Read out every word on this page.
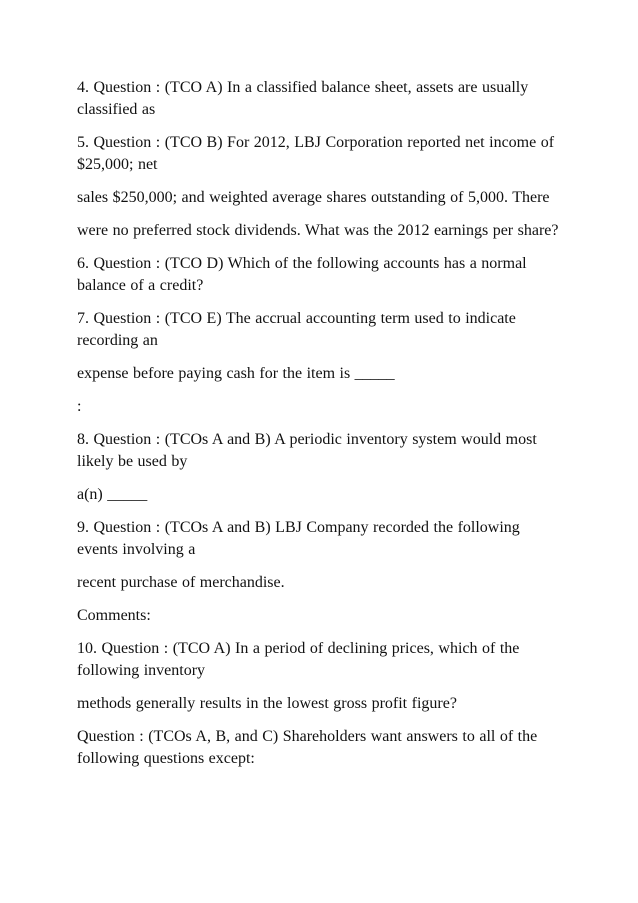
4. Question : (TCO A) In a classified balance sheet, assets are usually classified as

5. Question : (TCO B) For 2012, LBJ Corporation reported net income of $25,000; net

sales $250,000; and weighted average shares outstanding of 5,000. There

were no preferred stock dividends. What was the 2012 earnings per share?

6. Question : (TCO D) Which of the following accounts has a normal balance of a credit?

7. Question : (TCO E) The accrual accounting term used to indicate recording an

expense before paying cash for the item is _____

:

8. Question : (TCOs A and B) A periodic inventory system would most likely be used by

a(n) _____

9. Question : (TCOs A and B) LBJ Company recorded the following events involving a

recent purchase of merchandise.

Comments:

10. Question : (TCO A) In a period of declining prices, which of the following inventory

methods generally results in the lowest gross profit figure?

Question : (TCOs A, B, and C) Shareholders want answers to all of the following questions except:
